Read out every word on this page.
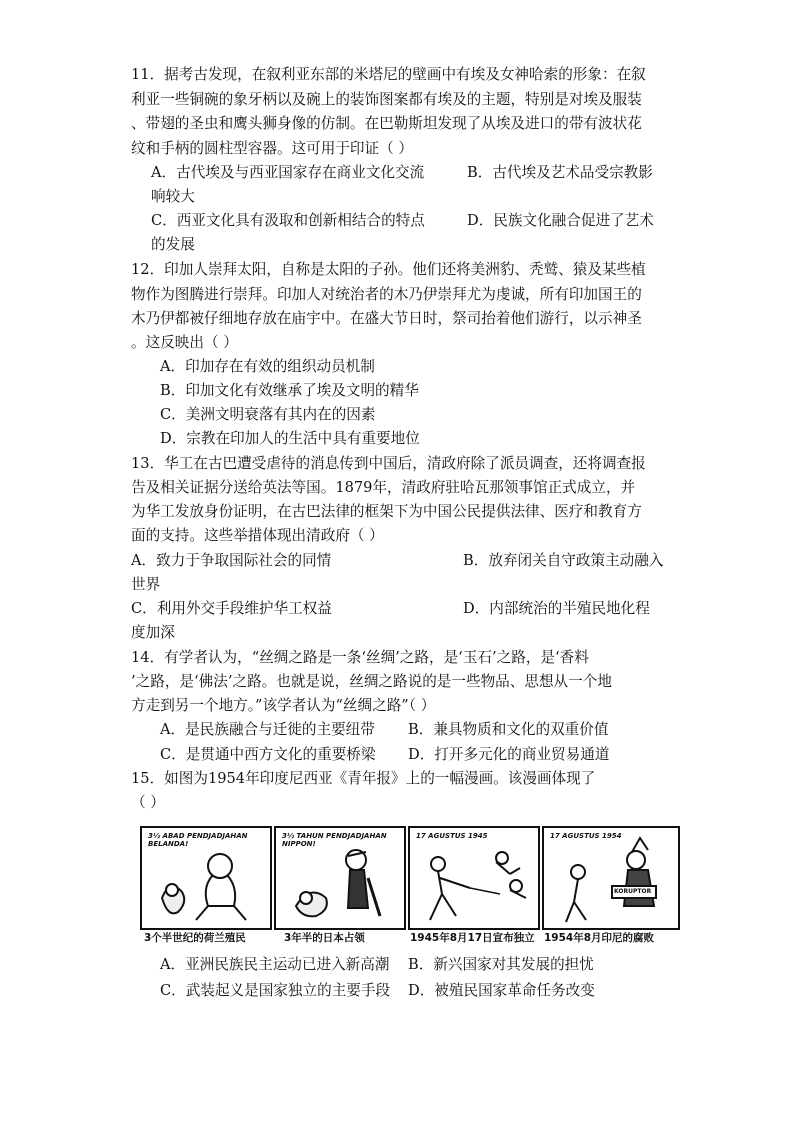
11．据考古发现，在叙利亚东部的米塔尼的壁画中有埃及女神哈索的形象：在叙
利亚一些铜碗的象牙柄以及碗上的装饰图案都有埃及的主题，特别是对埃及服装
、带翅的圣虫和鹰头狮身像的仿制。在巴勒斯坦发现了从埃及进口的带有波状花
纹和手柄的圆柱型容器。这可用于印证（ ）
A．古代埃及与西亚国家存在商业文化交流	B．古代埃及艺术品受宗教影
响较大
C．西亚文化具有汲取和创新相结合的特点	D．民族文化融合促进了艺术
的发展
12．印加人崇拜太阳，自称是太阳的子孙。他们还将美洲豹、秃鹫、猿及某些植
物作为图腾进行崇拜。印加人对统治者的木乃伊崇拜尤为虔诚，所有印加国王的
木乃伊都被仔细地存放在庙宇中。在盛大节日时，祭司抬着他们游行，以示神圣
。这反映出（ ）
A．印加存在有效的组织动员机制
B．印加文化有效继承了埃及文明的精华
C．美洲文明衰落有其内在的因素
D．宗教在印加人的生活中具有重要地位
13．华工在古巴遭受虐待的消息传到中国后，清政府除了派员调查，还将调查报
告及相关证据分送给英法等国。1879年，清政府驻哈瓦那领事馆正式成立，并
为华工发放身份证明，在古巴法律的框架下为中国公民提供法律、医疗和教育方
面的支持。这些举措体现出清政府（ ）
A．致力于争取国际社会的同情	B．放弃闭关自守政策主动融入
世界
C．利用外交手段维护华工权益	D．内部统治的半殖民地化程
度加深
14．有学者认为，“丝绸之路是一条‘丝绸’之路，是‘玉石’之路，是‘香料
’之路，是‘佛法’之路。也就是说，丝绸之路说的是一些物品、思想从一个地
方走到另一个地方。”该学者认为“丝绸之路”（ ）
A．是民族融合与迁徙的主要纽带 B．兼具物质和文化的双重价值
C．是贯通中西方文化的重要桥梁 D．打开多元化的商业贸易通道
15．如图为1954年印度尼西亚《青年报》上的一幅漫画。该漫画体现了
（ ）
3½ ABAD PENDJADJAHAN BELANDA!
3½ TAHUN PENDJADJAHAN NIPPON!
17 AGUSTUS 1945	17 AGUSTUS 1954
KORUPTOR
3个半世纪的荷兰殖民	3年半的日本占领	1945年8月17日宣布独立 1954年8月印尼的腐败
A．亚洲民族民主运动已进入新高潮 B．新兴国家对其发展的担忧
C．武装起义是国家独立的主要手段 D．被殖民国家革命任务改变
